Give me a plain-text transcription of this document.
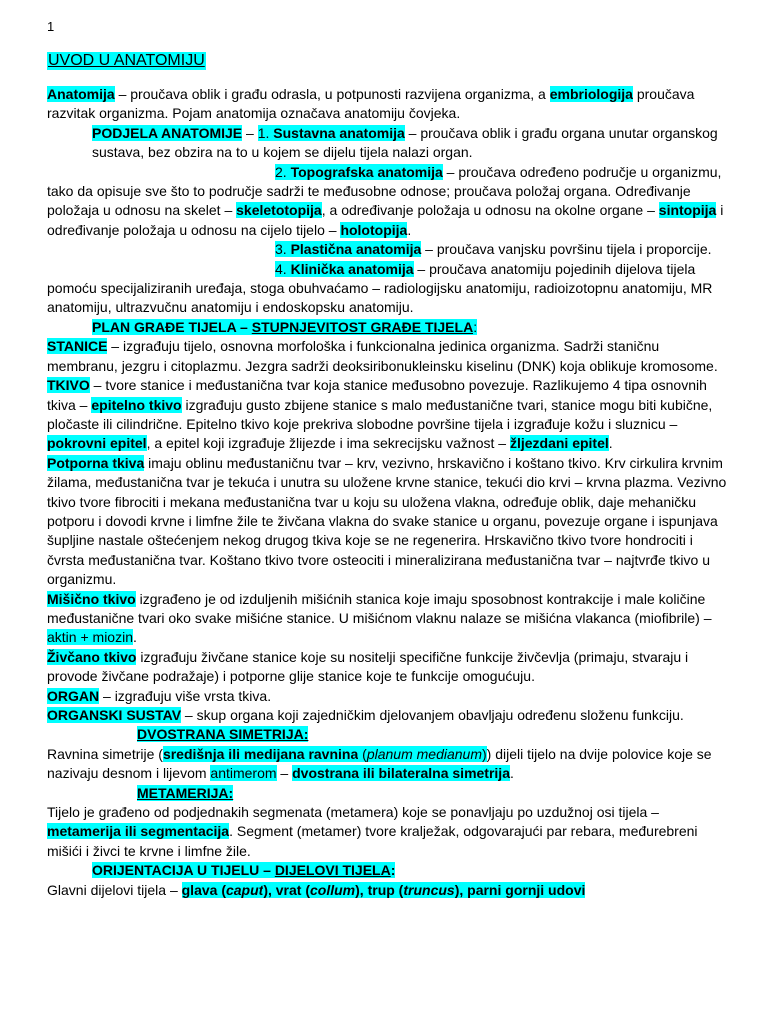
1
UVOD U ANATOMIJU

Anatomija – proučava oblik i građu odrasla, u potpunosti razvijena organizma, a embriologija proučava razvitak organizma. Pojam anatomija označava anatomiju čovjeka.

PODJELA ANATOMIJE – 1. Sustavna anatomija – proučava oblik i građu organa unutar organskog sustava, bez obzira na to u kojem se dijelu tijela nalazi organ.

2. Topografska anatomija – proučava određeno područje u organizmu, tako da opisuje sve što to područje sadrži te međusobne odnose; proučava položaj organa. Određivanje položaja u odnosu na skelet – skeletotopija, a određivanje položaja u odnosu na okolne organe – sintopija i određivanje položaja u odnosu na cijelo tijelo – holotopija.

3. Plastična anatomija – proučava vanjsku površinu tijela i proporcije.

4. Klinička anatomija – proučava anatomiju pojedinih dijelova tijela pomoću specijaliziranih uređaja, stoga obuhvaćamo – radiologijsku anatomiju, radioizotopnu anatomiju, MR anatomiju, ultrazvučnu anatomiju i endoskopsku anatomiju.

PLAN GRAĐE TIJELA – STUPNJEVITOST GRAĐE TIJELA:

STANICE – izgrađuju tijelo, osnovna morfološka i funkcionalna jedinica organizma. Sadrži staničnu membranu, jezgru i citoplazmu. Jezgra sadrži deoksiribonukleinsku kiselinu (DNK) koja oblikuje kromosome.

TKIVO – tvore stanice i međustanična tvar koja stanice međusobno povezuje. Razlikujemo 4 tipa osnovnih tkiva – epitelno tkivo izgrađuju gusto zbijene stanice s malo međustanične tvari, stanice mogu biti kubične, pločaste ili cilindrične. Epitelno tkivo koje prekriva slobodne površine tijela i izgrađuje kožu i sluznicu – pokrovni epitel, a epitel koji izgrađuje žlijezde i ima sekrecijsku važnost – žljezdani epitel.

Potporna tkiva imaju oblinu međustaničnu tvar – krv, vezivno, hrskavično i koštano tkivo. Krv cirkulira krvnim žilama, međustanična tvar je tekuća i unutra su uložene krvne stanice, tekući dio krvi – krvna plazma. Vezivno tkivo tvore fibrociti i mekana međustanična tvar u koju su uložena vlakna, određuje oblik, daje mehaničku potporu i dovodi krvne i limfne žile te živčana vlakna do svake stanice u organu, povezuje organe i ispunjava šupljine nastale oštećenjem nekog drugog tkiva koje se ne regenerira. Hrskavično tkivo tvore hondrociti i čvrsta međustanična tvar. Koštano tkivo tvore osteociti i mineralizirana međustanična tvar – najtvrđe tkivo u organizmu.

Mišično tkivo izgrađeno je od izduljenih mišićnih stanica koje imaju sposobnost kontrakcije i male količine međustanične tvari oko svake mišićne stanice. U mišićnom vlaknu nalaze se mišićna vlakanca (miofibrile) – aktin + miozin.

Živčano tkivo izgrađuju živčane stanice koje su nositelji specifične funkcije živčevlja (primaju, stvaraju i provode živčane podražaje) i potporne glije stanice koje te funkcije omogućuju.

ORGAN – izgrađuju više vrsta tkiva.

ORGANSKI SUSTAV – skup organa koji zajedničkim djelovanjem obavljaju određenu složenu funkciju.

DVOSTRANA SIMETRIJA:

Ravnina simetrije (središnja ili medijana ravnina (planum medianum)) dijeli tijelo na dvije polovice koje se nazivaju desnom i lijevom antimerom – dvostrana ili bilateralna simetrija.

METAMERIJA:

Tijelo je građeno od podjednakih segmenata (metamera) koje se ponavljaju po uzdužnoj osi tijela – metamerija ili segmentacija. Segment (metamer) tvore kralježak, odgovarajući par rebara, međurebreni mišići i živci te krvne i limfne žile.

ORIJENTACIJA U TIJELU – DIJELOVI TIJELA:

Glavni dijelovi tijela – glava (caput), vrat (collum), trup (truncus), parni gornji udovi
